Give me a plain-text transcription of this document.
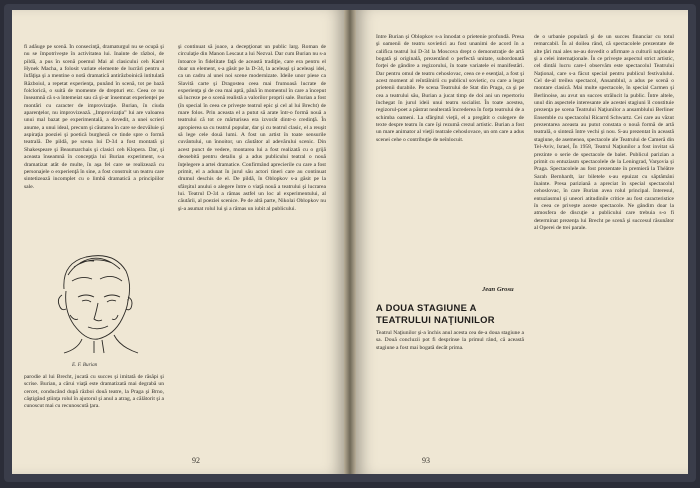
fi adăuge pe scenă. În consecinţă, dramaturgul nu se ocupă şi nu se împotriveşte în activitatea lui. Inainte de război, de pildă, a pus în scenă poemul Mai al clasicului ceh Karel Hynek Macha, a folosit variate elemente de lucrări pentru a înfăţişa şi a mentine o notă dramatică antirăzboinică intitulată Războiul, a repetat experienţa, punând în scenă, tot pe bază folclorică, o suită de momente de drepturi etc. Ceea ce nu înseamnă că s-a întemeiat sau că şi-ar însemnat experienţei pe montări cu caracter de improvizaţie. Burian, în ciuda aparenţelor, nu improvizează. „Improvizaţia” lui are valoarea unui mal bazat pe experimentală, a dovedit, a unei scrieri anume, a unui ideal, precum şi căutarea în care se dezvăluie şi aspiraţia poeziei şi poetică burgheză ce tinde spre o formă teatrală. De pildă, pe scena lui D-34 a fost montată şi Shakespeare şi Beaumarchais şi clasici ceh Klopera. Dar, şi aceasta înseamnă în concepţia lui Burian experiment, s-a dramatizat atât de multe, în aşa fel care se realizează cu personajele o experienţă în sine, a fost construit un teatru care sintetizează incomplet cu o limbă dramatică a principiilor sale.
E. F. Burian
parodie al lui Brecht, jucată cu succes şi imitată de răsăpi şi scrise. Burian, a cărui viaţă este dramatizată mai degrabă un cercet, conducând după război două teatre, la Praga şi Brno, câştigând ştiinţa rolul în ajutorul şi anul a atrag, a călătorit şi a cunoscut mai cu recunoscută ţara.
şi continuat să joace, a decepţionat un public larg. Roman de circulaţie din Manon Lescaut a lui Nezval. Dar cum Burian nu s-a întoarce în fidelitate faţă de această tradiţie, care era pentru el doar un element, s-a găsit pe la D-34, la aceleaşi şi aceleaşi idei, ca un cadru al unei noi scene modernizate. Ideile unor piese ca Slavită carte şi Dragostea ceea mai frumoasă lucrate de experienţa şi de cea mai aptă, până în momentul în care a început să lucreze pe o scenă realistă a valorilor proprii sale. Burian a fost (în special în ceea ce priveşte teatrul epic şi cel al lui Brecht) de mare folos. Prin aceasta el a putut să arate într-o formă nouă a teatrului că tot ce mărturisea era izvorât dintr-o credinţă. În apropierea sa cu teatrul popular, dar şi cu teatrul clasic, el a reuşit să lege cele două lumi. A fost un artist în toate sensurile cuvântului, un înnoitor, un căutător al adevărului scenic. Din acest punct de vedere, montarea lui a fost realizată cu o grijă deosebită pentru detaliu şi a adus publicului teatral o nouă înţelegere a artei dramatice. Confirmând aprecierile cu care a fost primit, el a adunat în jurul său actori tineri care au continuat drumul deschis de el. De pildă, în Oblopkov s-a găsit pe la sfârşitul anului o alegere între o viaţă nouă a teatrului şi lucrarea lui. Teatrul D-34 a rămas astfel un loc al experimentului, al căutării, al poeziei scenice. Pe de altă parte, Nikolai Oblopkov nu şi-a asumat rolul lui şi a rămas un iubit al publicului.
92
Intre Burian şi Oblopkov s-a înnodat o prietenie profundă. Presa şi oamenii de teatru sovietici au fost unanimi de acord în a califica teatrul lui D-34 la Moscova drept o demonstraţie de artă bogată şi originală, prezentând o perfectă unitate, subordonată forţei de gândire a regizorului, în toate variatele ei manifestări. Dar pentru omul de teatru cehoslovac, ceea ce e esenţial, a fost şi acest moment al reîntâlnirii cu publicul sovietic, cu care a legat prietenii durabile. Pe scena Teatrului de Stat din Praga, ca şi pe cea a teatrului său, Burian a jucat timp de doi ani un repertoriu închegat în jurul ideii unui teatru socialist. În toate acestea, regizorul-poet a păstrat nealterată încrederea în forţa teatrului de a schimba oameni. La sfârşitul vieţii, el a pregătit o culegere de texte despre teatru în care îşi rezumă crezul artistic. Burian a fost un mare animator al vieţii teatrale cehoslovace, un om care a adus scenei cehe o contribuţie de neînlocuit.
Jean Grosu
A DOUA STAGIUNE A TEATRULUI NAŢIUNILOR
Teatrul Naţiunilor şi-a închis anul acesta cea de-a doua stagiune a sa. Două concluzii pot fi desprinse la primul rând, că această stagiune a fost mai bogată decât prima.
de o urbanie populară şi de un succes financiar cu totul remarcabil. În al doilea rând, că spectacolele prezentate de alte ţări mai ales ne-au dovedit o afirmare a culturii naţionale şi a celei internaţionale. În ce priveşte aspectul strict artistic, cel dintâi lucru care-l observăm este spectacolul Teatrului Naţional, care s-a făcut special pentru publicul festivalului. Cel de-al treilea spectacol, Ansamblul, a adus pe scenă o montare clasică. Mai multe spectacole, în special Carmen şi Berlinoise, au avut un succes strălucit la public. Între altele, unul din aspectele interesante ale acestei stagiuni îl constituie prezenţa pe scena Teatrului Naţiunilor a ansamblului Berliner Ensemble cu spectacolul Ricarrd Schwartz. Cei care au văzut prezentarea aceasta au putut constata o nouă formă de artă teatrală, o sinteză între vechi şi nou. S-au prezentat în această stagiune, de asemenea, spectacole ale Teatrului de Cameră din Tel-Aviv, Israel, În 1958, Teatrul Naţiunilor a fost invitat să prezinte o serie de spectacole de balet. Publicul parizian a primit cu entuziasm spectacolele de la Leningrad, Varşovia şi Praga. Spectacolele au fost prezentate în premieră la Théâtre Sarah Bernhardt, iar biletele s-au epuizat cu săptămâni înainte. Presa pariziană a apreciat în special spectacolul cehoslovac, în care Burian avea rolul principal. Interesul, entuziasmul şi uneori atitudinile critice au fost caracteristice în ceea ce priveşte aceste spectacole. Ne gândim doar la atmosfera de discuţie a publicului care trebuia s-o fi determinat prezenţa lui Brecht pe scenă şi succesul răsunător al Operei de trei parale.
93
